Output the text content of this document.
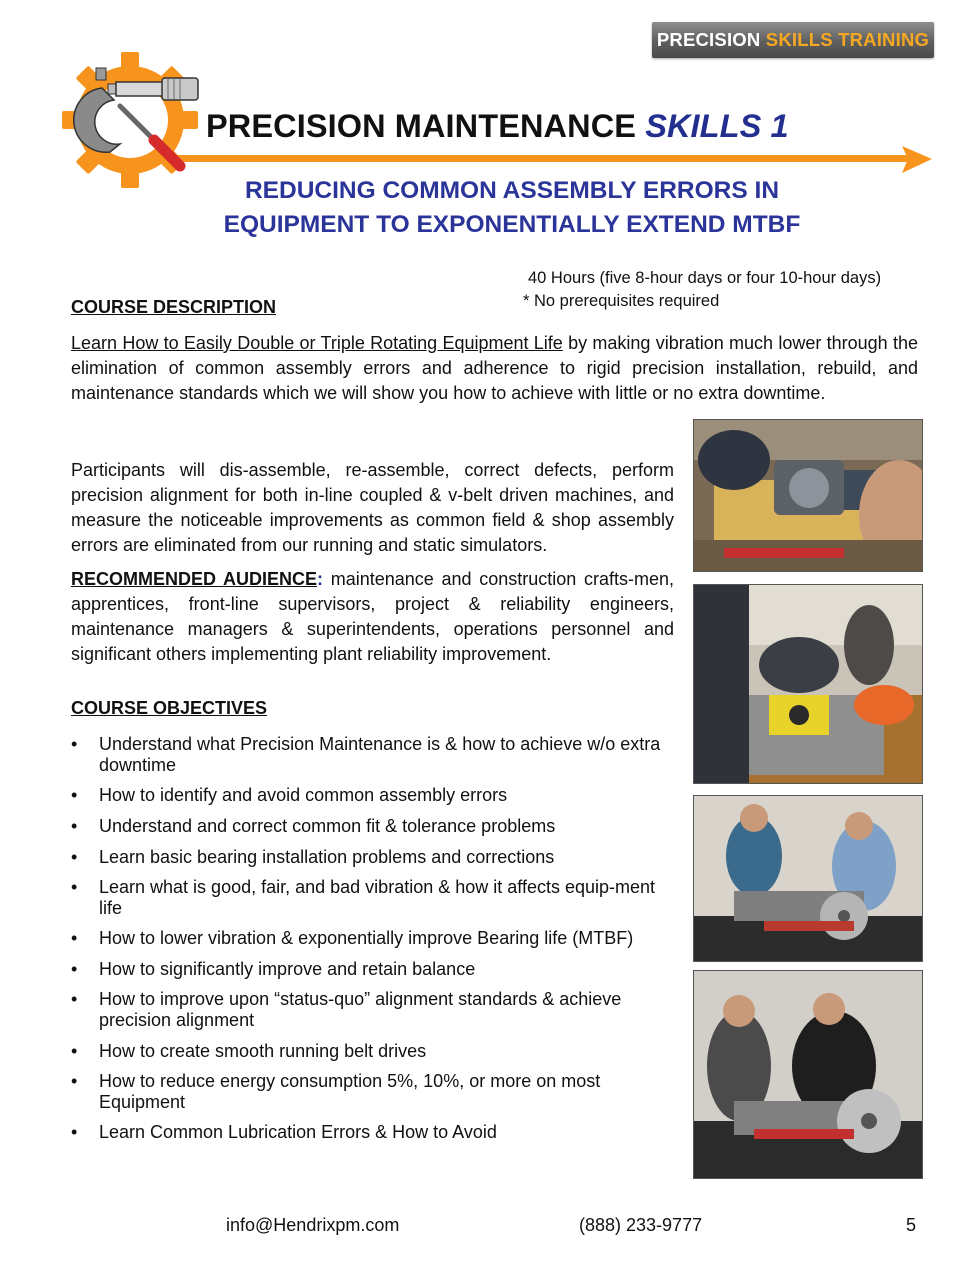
PRECISION SKILLS TRAINING
PRECISION MAINTENANCE SKILLS 1
REDUCING COMMON ASSEMBLY ERRORS IN
EQUIPMENT TO EXPONENTIALLY EXTEND MTBF
40 Hours (five 8-hour days or four 10-hour days)
* No prerequisites required
COURSE DESCRIPTION

Learn How to Easily Double or Triple Rotating Equipment Life by making vibration much lower through the elimination of common assembly errors and adherence to rigid precision installation, rebuild, and maintenance standards which we will show you how to achieve with little or no extra downtime.

Participants will dis-assemble, re-assemble, correct defects, perform precision alignment for both in-line coupled & v-belt driven machines, and measure the noticeable improvements as common field & shop assembly errors are eliminated from our running and static simulators.

RECOMMENDED AUDIENCE: maintenance and construction crafts-men, apprentices, front-line supervisors, project & reliability engineers, maintenance managers & superintendents, operations personnel and significant others implementing plant reliability improvement.

COURSE OBJECTIVES
•	Understand what Precision Maintenance is & how to achieve w/o extra downtime
•	How to identify and avoid common assembly errors
•	Understand and correct common fit & tolerance problems
•	Learn basic bearing installation problems and corrections
•	Learn what is good, fair, and bad vibration & how it affects equip-ment life
•	How to lower vibration & exponentially improve Bearing life (MTBF)
•	How to significantly improve and retain balance
•	How to improve upon “status-quo” alignment standards & achieve precision alignment
•	How to create smooth running belt drives
•	How to reduce energy consumption 5%, 10%, or more on most Equipment
•	Learn Common Lubrication Errors & How to Avoid
info@Hendrixpm.com	(888) 233-9777	5
